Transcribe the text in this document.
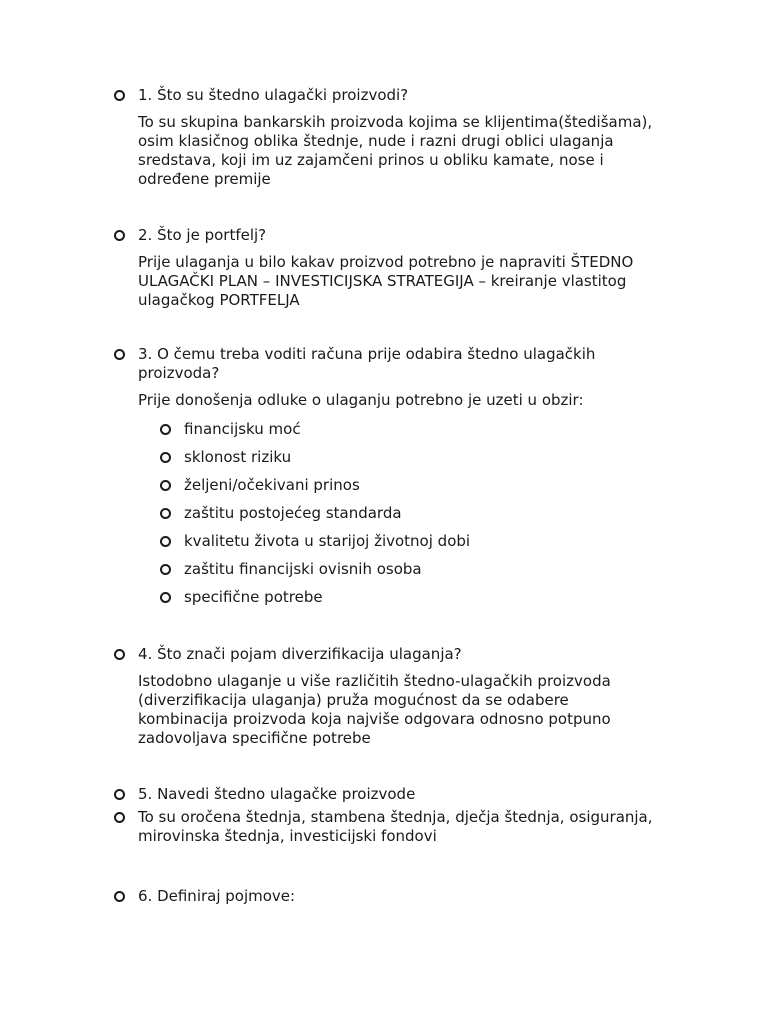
1. Što su štedno ulagački proizvodi?
To su skupina bankarskih proizvoda kojima se klijentima(štedišama),
osim klasičnog oblika štednje, nude i razni drugi oblici ulaganja
sredstava, koji im uz zajamčeni prinos u obliku kamate, nose i
određene premije
2. Što je portfelj?
Prije ulaganja u bilo kakav proizvod potrebno je napraviti ŠTEDNO
ULAGAČKI PLAN – INVESTICIJSKA STRATEGIJA – kreiranje vlastitog
ulagačkog PORTFELJA
3. O čemu treba voditi računa prije odabira štedno ulagačkih
proizvoda?
Prije donošenja odluke o ulaganju potrebno je uzeti u obzir:
financijsku moć
sklonost riziku
željeni/očekivani prinos
zaštitu postojećeg standarda
kvalitetu života u starijoj životnoj dobi
zaštitu financijski ovisnih osoba
specifične potrebe
4. Što znači pojam diverzifikacija ulaganja?
Istodobno ulaganje u više različitih štedno-ulagačkih proizvoda
(diverzifikacija ulaganja) pruža mogućnost da se odabere
kombinacija proizvoda koja najviše odgovara odnosno potpuno
zadovoljava specifične potrebe
5. Navedi štedno ulagačke proizvode
To su oročena štednja, stambena štednja, dječja štednja, osiguranja,
mirovinska štednja, investicijski fondovi
6. Definiraj pojmove:
